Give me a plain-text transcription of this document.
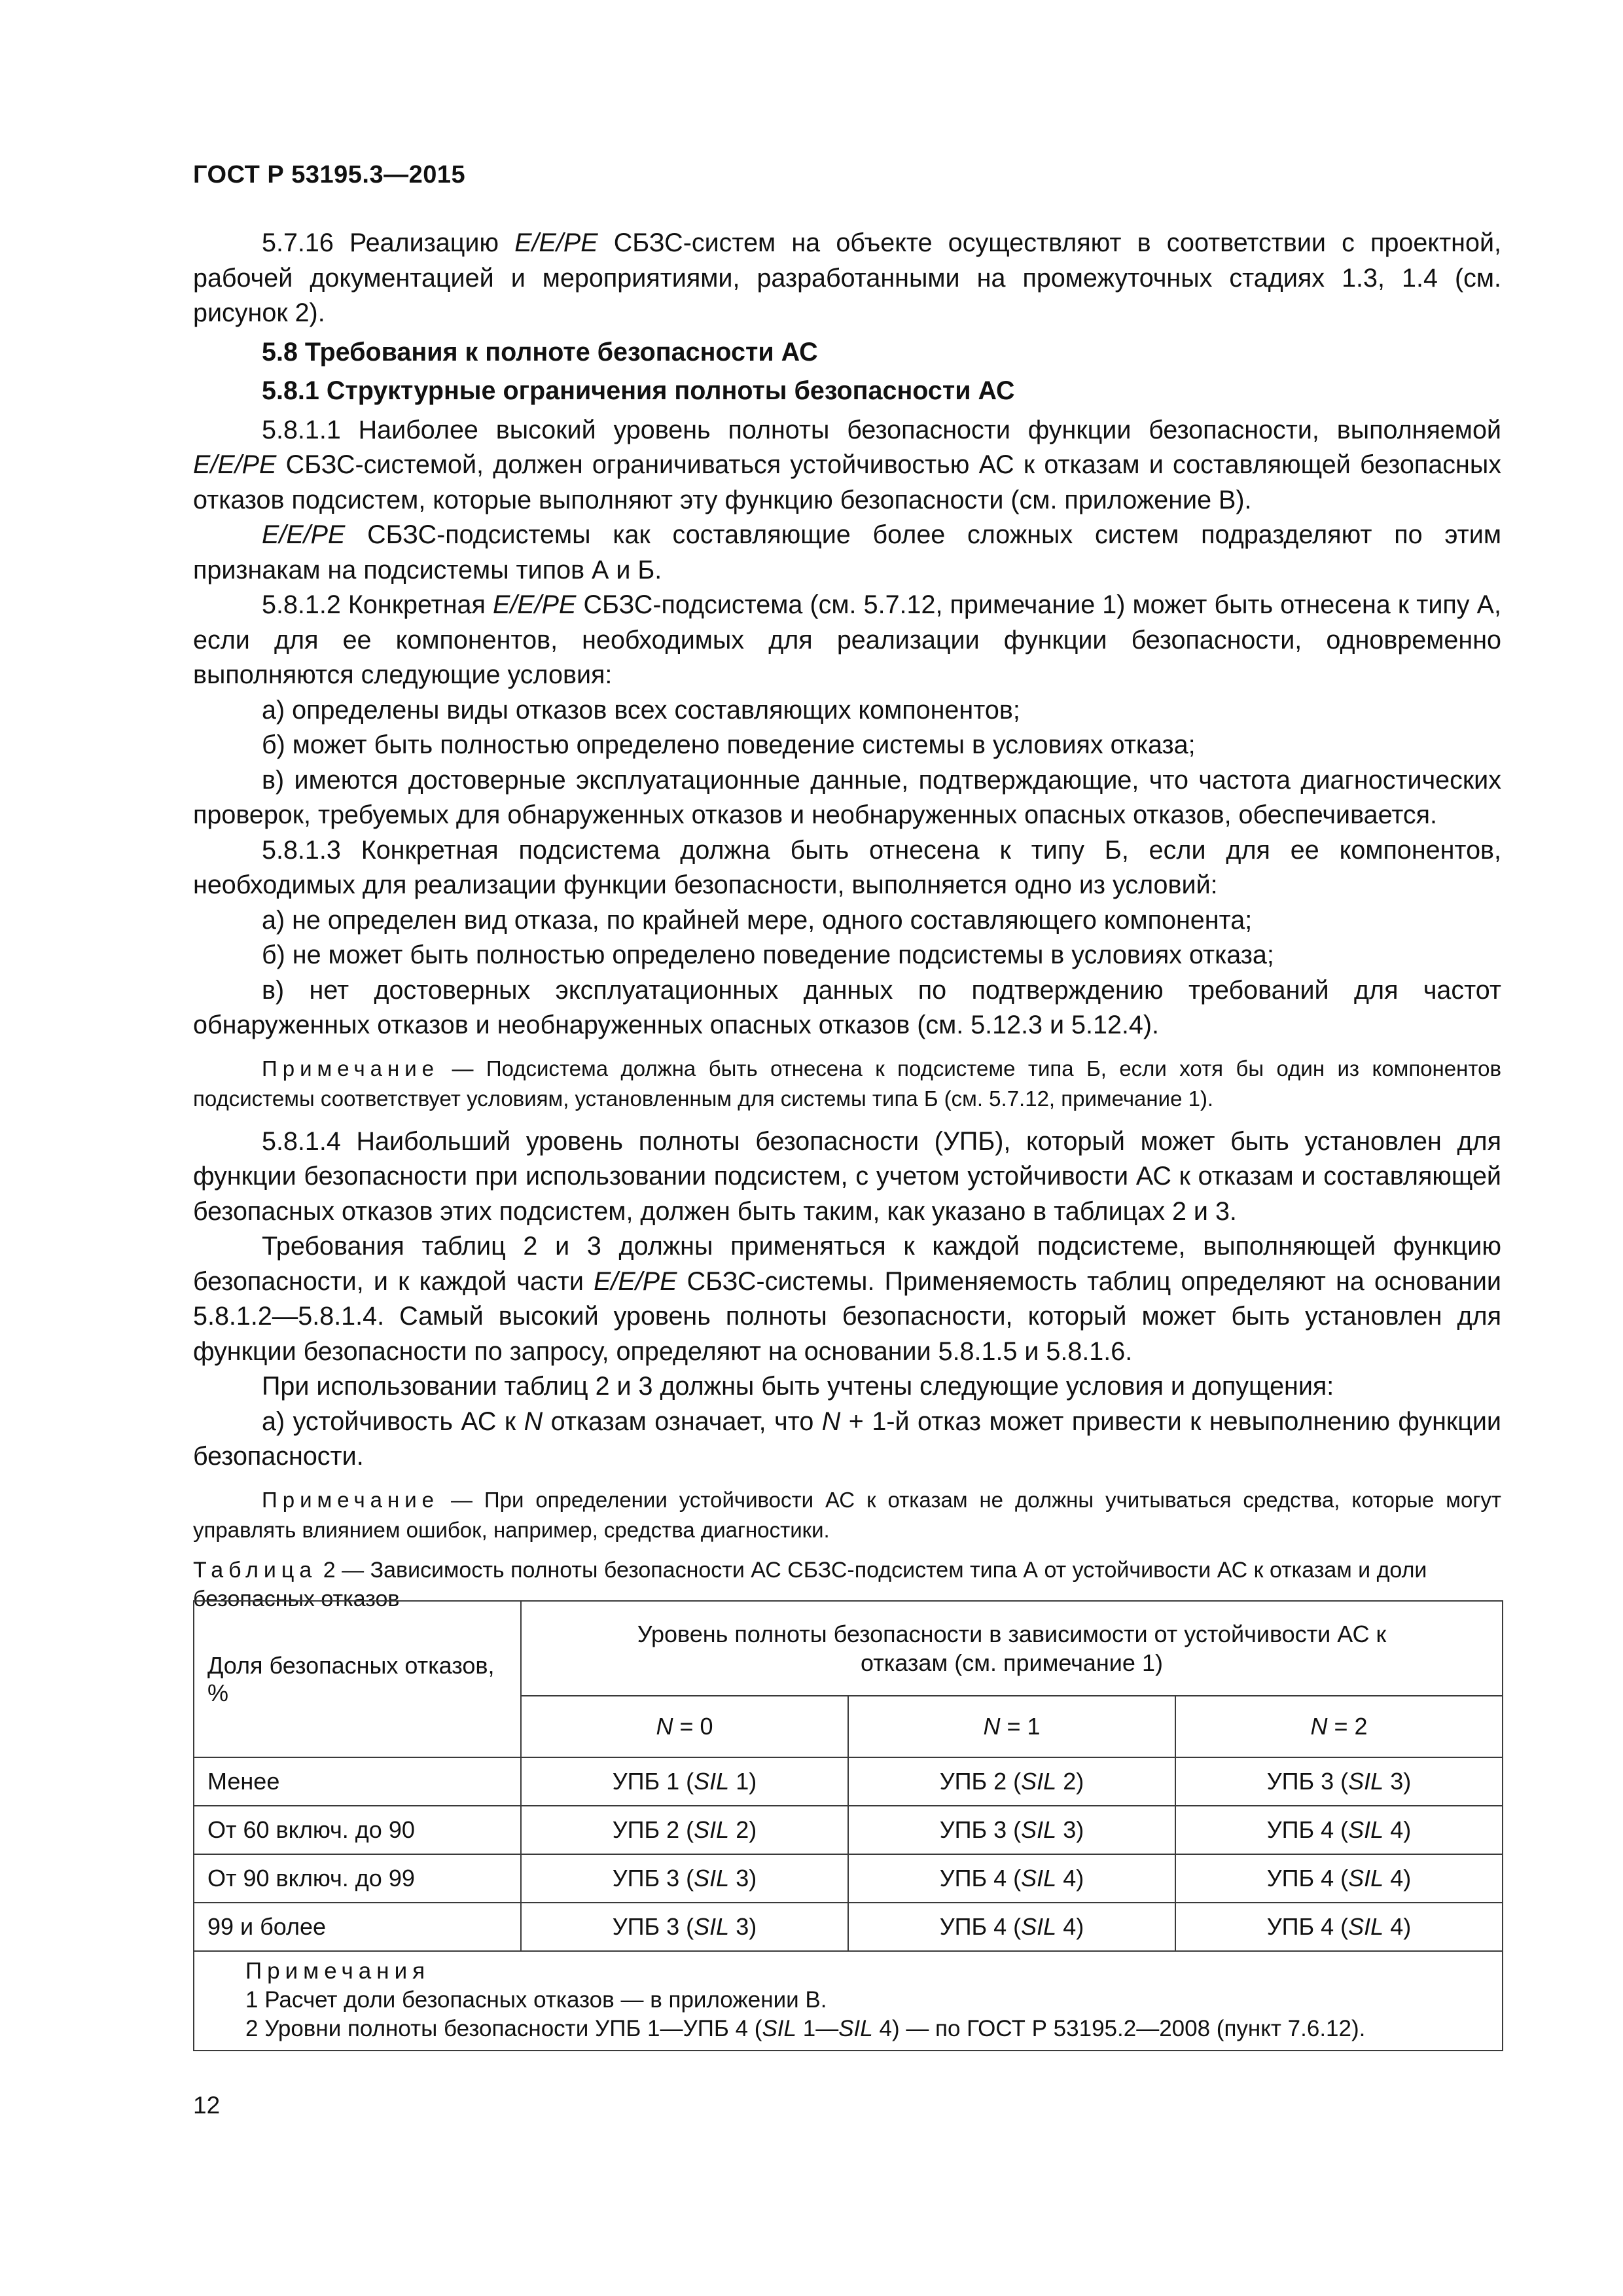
ГОСТ Р 53195.3—2015

5.7.16 Реализацию E/E/PE СБЗС-систем на объекте осуществляют в соответствии с проектной, рабочей документацией и мероприятиями, разработанными на промежуточных стадиях 1.3, 1.4 (см. рисунок 2).

5.8 Требования к полноте безопасности АС

5.8.1 Структурные ограничения полноты безопасности АС

5.8.1.1 Наиболее высокий уровень полноты безопасности функции безопасности, выполняемой E/E/PE СБЗС-системой, должен ограничиваться устойчивостью АС к отказам и составляющей безопасных отказов подсистем, которые выполняют эту функцию безопасности (см. приложение В).

E/E/PE СБЗС-подсистемы как составляющие более сложных систем подразделяют по этим признакам на подсистемы типов А и Б.

5.8.1.2 Конкретная E/E/PE СБЗС-подсистема (см. 5.7.12, примечание 1) может быть отнесена к типу А, если для ее компонентов, необходимых для реализации функции безопасности, одновременно выполняются следующие условия:

а) определены виды отказов всех составляющих компонентов;

б) может быть полностью определено поведение системы в условиях отказа;

в) имеются достоверные эксплуатационные данные, подтверждающие, что частота диагностических проверок, требуемых для обнаруженных отказов и необнаруженных опасных отказов, обеспечивается.

5.8.1.3 Конкретная подсистема должна быть отнесена к типу Б, если для ее компонентов, необходимых для реализации функции безопасности, выполняется одно из условий:

а) не определен вид отказа, по крайней мере, одного составляющего компонента;

б) не может быть полностью определено поведение подсистемы в условиях отказа;

в) нет достоверных эксплуатационных данных по подтверждению требований для частот обнаруженных отказов и необнаруженных опасных отказов (см. 5.12.3 и 5.12.4).

Примечание — Подсистема должна быть отнесена к подсистеме типа Б, если хотя бы один из компонентов подсистемы соответствует условиям, установленным для системы типа Б (см. 5.7.12, примечание 1).

5.8.1.4 Наибольший уровень полноты безопасности (УПБ), который может быть установлен для функции безопасности при использовании подсистем, с учетом устойчивости АС к отказам и составляющей безопасных отказов этих подсистем, должен быть таким, как указано в таблицах 2 и 3.

Требования таблиц 2 и 3 должны применяться к каждой подсистеме, выполняющей функцию безопасности, и к каждой части E/E/PE СБЗС-системы. Применяемость таблиц определяют на основании 5.8.1.2—5.8.1.4. Самый высокий уровень полноты безопасности, который может быть установлен для функции безопасности по запросу, определяют на основании 5.8.1.5 и 5.8.1.6.

При использовании таблиц 2 и 3 должны быть учтены следующие условия и допущения:

а) устойчивость АС к N отказам означает, что N + 1-й отказ может привести к невыполнению функции безопасности.

Примечание — При определении устойчивости АС к отказам не должны учитываться средства, которые могут управлять влиянием ошибок, например, средства диагностики.

Таблица 2 — Зависимость полноты безопасности АС СБЗС-подсистем типа А от устойчивости АС к отказам и доли безопасных отказов

Доля безопасных отказов, %	Уровень полноты безопасности в зависимости от устойчивости АС к отказам (см. примечание 1)		
	N = 0	N = 1	N = 2
Менее	УПБ 1 (SIL 1)	УПБ 2 (SIL 2)	УПБ 3 (SIL 3)
От 60 включ. до 90	УПБ 2 (SIL 2)	УПБ 3 (SIL 3)	УПБ 4 (SIL 4)
От 90 включ. до 99	УПБ 3 (SIL 3)	УПБ 4 (SIL 4)	УПБ 4 (SIL 4)
99 и более	УПБ 3 (SIL 3)	УПБ 4 (SIL 4)	УПБ 4 (SIL 4)

Примечания
1 Расчет доли безопасных отказов — в приложении В.
2 Уровни полноты безопасности УПБ 1—УПБ 4 (SIL 1—SIL 4) — по ГОСТ Р 53195.2—2008 (пункт 7.6.12).			
12
